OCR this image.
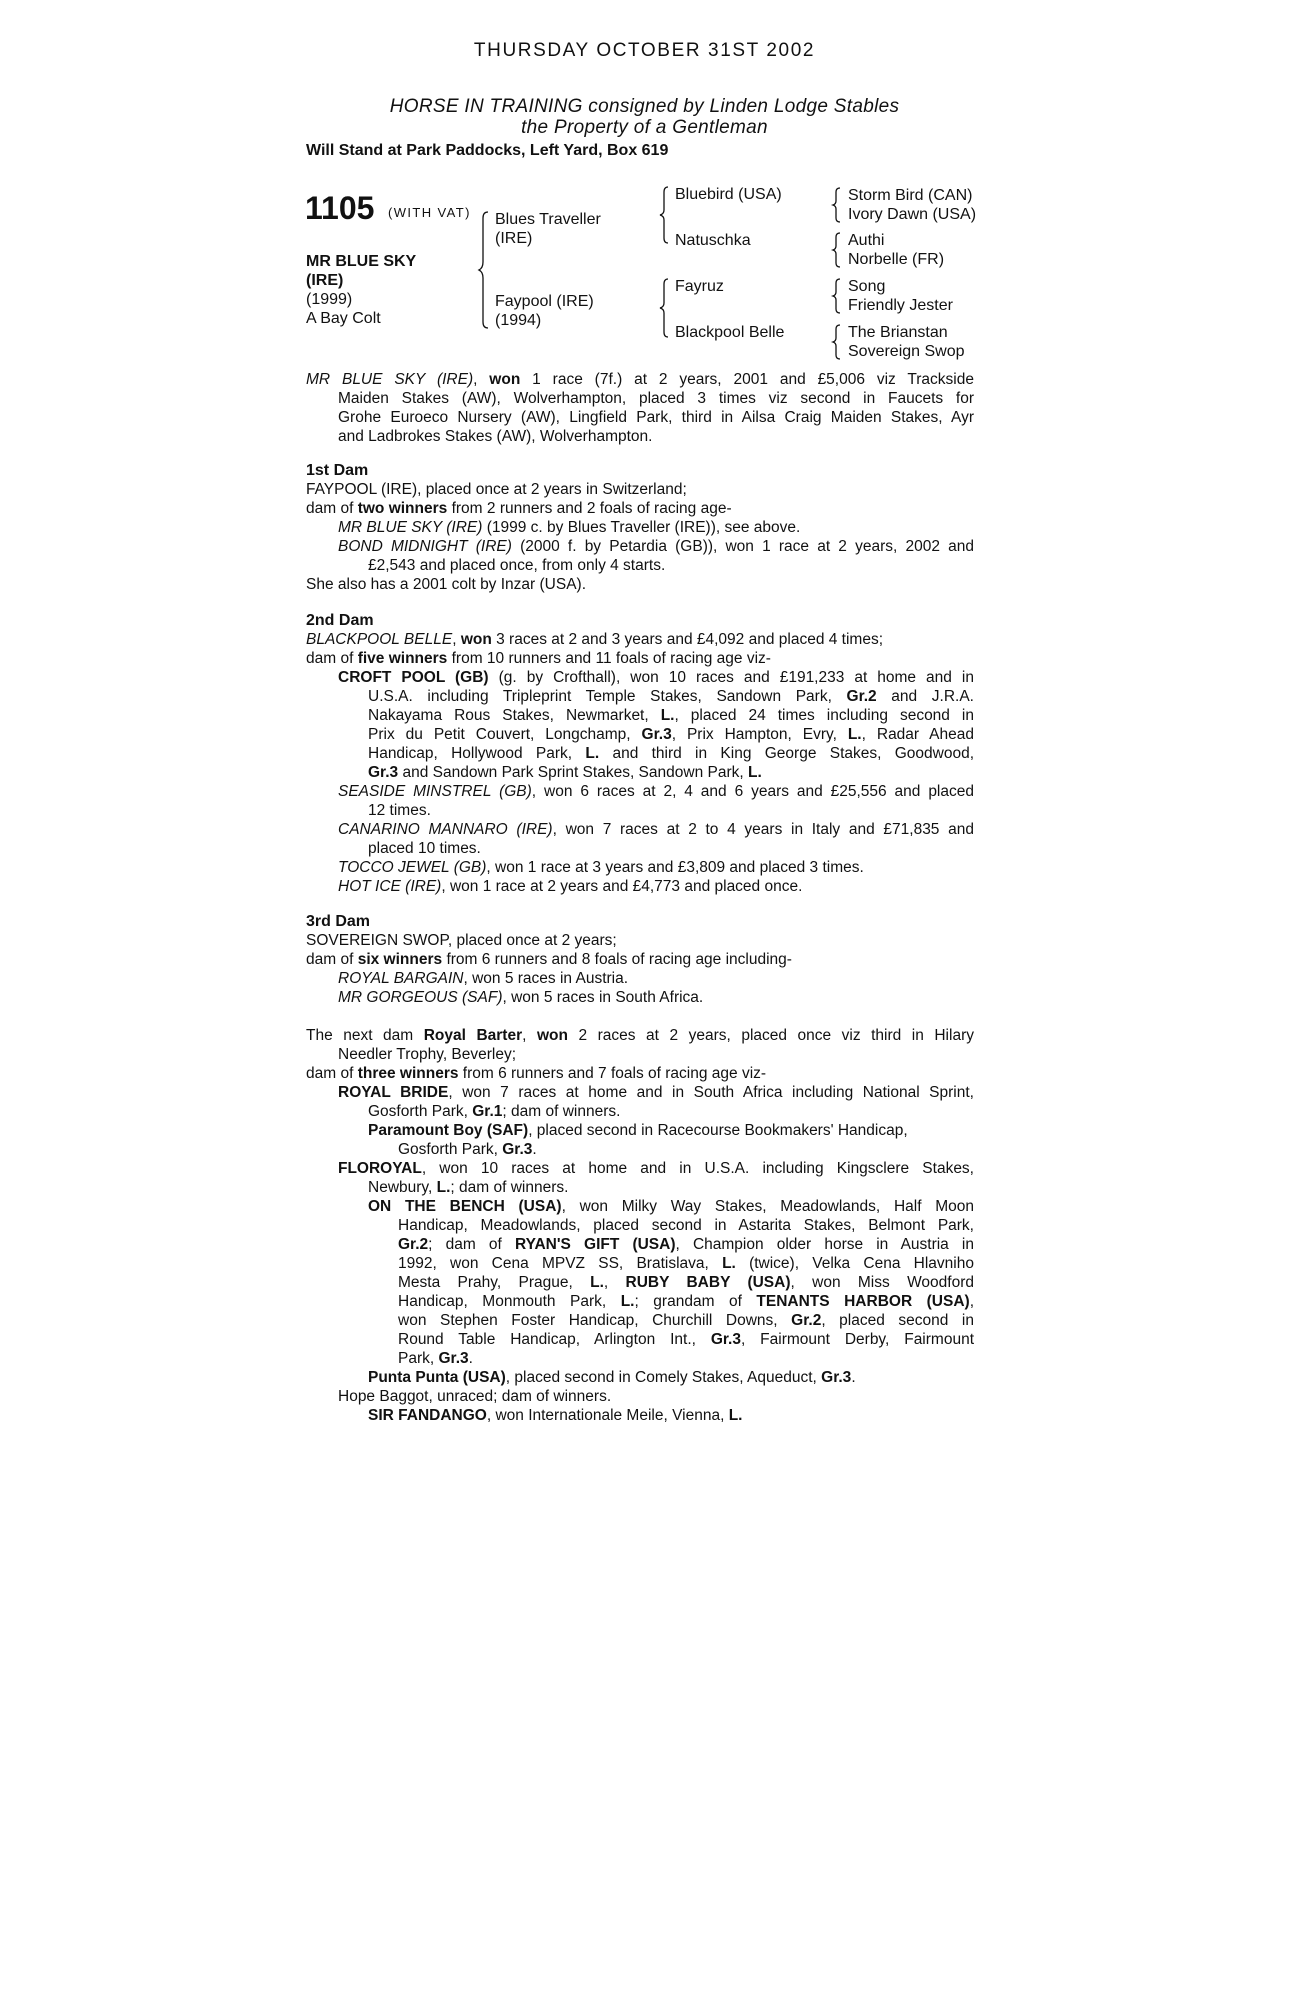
THURSDAY OCTOBER 31ST 2002
HORSE IN TRAINING consigned by Linden Lodge Stables
the Property of a Gentleman
Will Stand at Park Paddocks, Left Yard, Box 619
1105 (WITH VAT)
MR BLUE SKY
(IRE)
(1999)
A Bay Colt
Blues Traveller
(IRE)
Faypool (IRE)
(1994)
Bluebird (USA)
Natuschka
Fayruz
Blackpool Belle
Storm Bird (CAN)
Ivory Dawn (USA)
Authi
Norbelle (FR)
Song
Friendly Jester
The Brianstan
Sovereign Swop
MR BLUE SKY (IRE), won 1 race (7f.) at 2 years, 2001 and £5,006 viz Trackside
Maiden Stakes (AW), Wolverhampton, placed 3 times viz second in Faucets for
Grohe Euroeco Nursery (AW), Lingfield Park, third in Ailsa Craig Maiden Stakes, Ayr
and Ladbrokes Stakes (AW), Wolverhampton.
1st Dam
FAYPOOL (IRE), placed once at 2 years in Switzerland;
dam of two winners from 2 runners and 2 foals of racing age-
MR BLUE SKY (IRE) (1999 c. by Blues Traveller (IRE)), see above.
BOND MIDNIGHT (IRE) (2000 f. by Petardia (GB)), won 1 race at 2 years, 2002 and
£2,543 and placed once, from only 4 starts.
She also has a 2001 colt by Inzar (USA).
2nd Dam
BLACKPOOL BELLE, won 3 races at 2 and 3 years and £4,092 and placed 4 times;
dam of five winners from 10 runners and 11 foals of racing age viz-
CROFT POOL (GB) (g. by Crofthall), won 10 races and £191,233 at home and in
U.S.A. including Tripleprint Temple Stakes, Sandown Park, Gr.2 and J.R.A.
Nakayama Rous Stakes, Newmarket, L., placed 24 times including second in
Prix du Petit Couvert, Longchamp, Gr.3, Prix Hampton, Evry, L., Radar Ahead
Handicap, Hollywood Park, L. and third in King George Stakes, Goodwood,
Gr.3 and Sandown Park Sprint Stakes, Sandown Park, L.
SEASIDE MINSTREL (GB), won 6 races at 2, 4 and 6 years and £25,556 and placed
12 times.
CANARINO MANNARO (IRE), won 7 races at 2 to 4 years in Italy and £71,835 and
placed 10 times.
TOCCO JEWEL (GB), won 1 race at 3 years and £3,809 and placed 3 times.
HOT ICE (IRE), won 1 race at 2 years and £4,773 and placed once.
3rd Dam
SOVEREIGN SWOP, placed once at 2 years;
dam of six winners from 6 runners and 8 foals of racing age including-
ROYAL BARGAIN, won 5 races in Austria.
MR GORGEOUS (SAF), won 5 races in South Africa.
The next dam Royal Barter, won 2 races at 2 years, placed once viz third in Hilary
Needler Trophy, Beverley;
dam of three winners from 6 runners and 7 foals of racing age viz-
ROYAL BRIDE, won 7 races at home and in South Africa including National Sprint,
Gosforth Park, Gr.1; dam of winners.
Paramount Boy (SAF), placed second in Racecourse Bookmakers' Handicap,
Gosforth Park, Gr.3.
FLOROYAL, won 10 races at home and in U.S.A. including Kingsclere Stakes,
Newbury, L.; dam of winners.
ON THE BENCH (USA), won Milky Way Stakes, Meadowlands, Half Moon
Handicap, Meadowlands, placed second in Astarita Stakes, Belmont Park,
Gr.2; dam of RYAN'S GIFT (USA), Champion older horse in Austria in
1992, won Cena MPVZ SS, Bratislava, L. (twice), Velka Cena Hlavniho
Mesta Prahy, Prague, L., RUBY BABY (USA), won Miss Woodford
Handicap, Monmouth Park, L.; grandam of TENANTS HARBOR (USA),
won Stephen Foster Handicap, Churchill Downs, Gr.2, placed second in
Round Table Handicap, Arlington Int., Gr.3, Fairmount Derby, Fairmount
Park, Gr.3.
Punta Punta (USA), placed second in Comely Stakes, Aqueduct, Gr.3.
Hope Baggot, unraced; dam of winners.
SIR FANDANGO, won Internationale Meile, Vienna, L.
